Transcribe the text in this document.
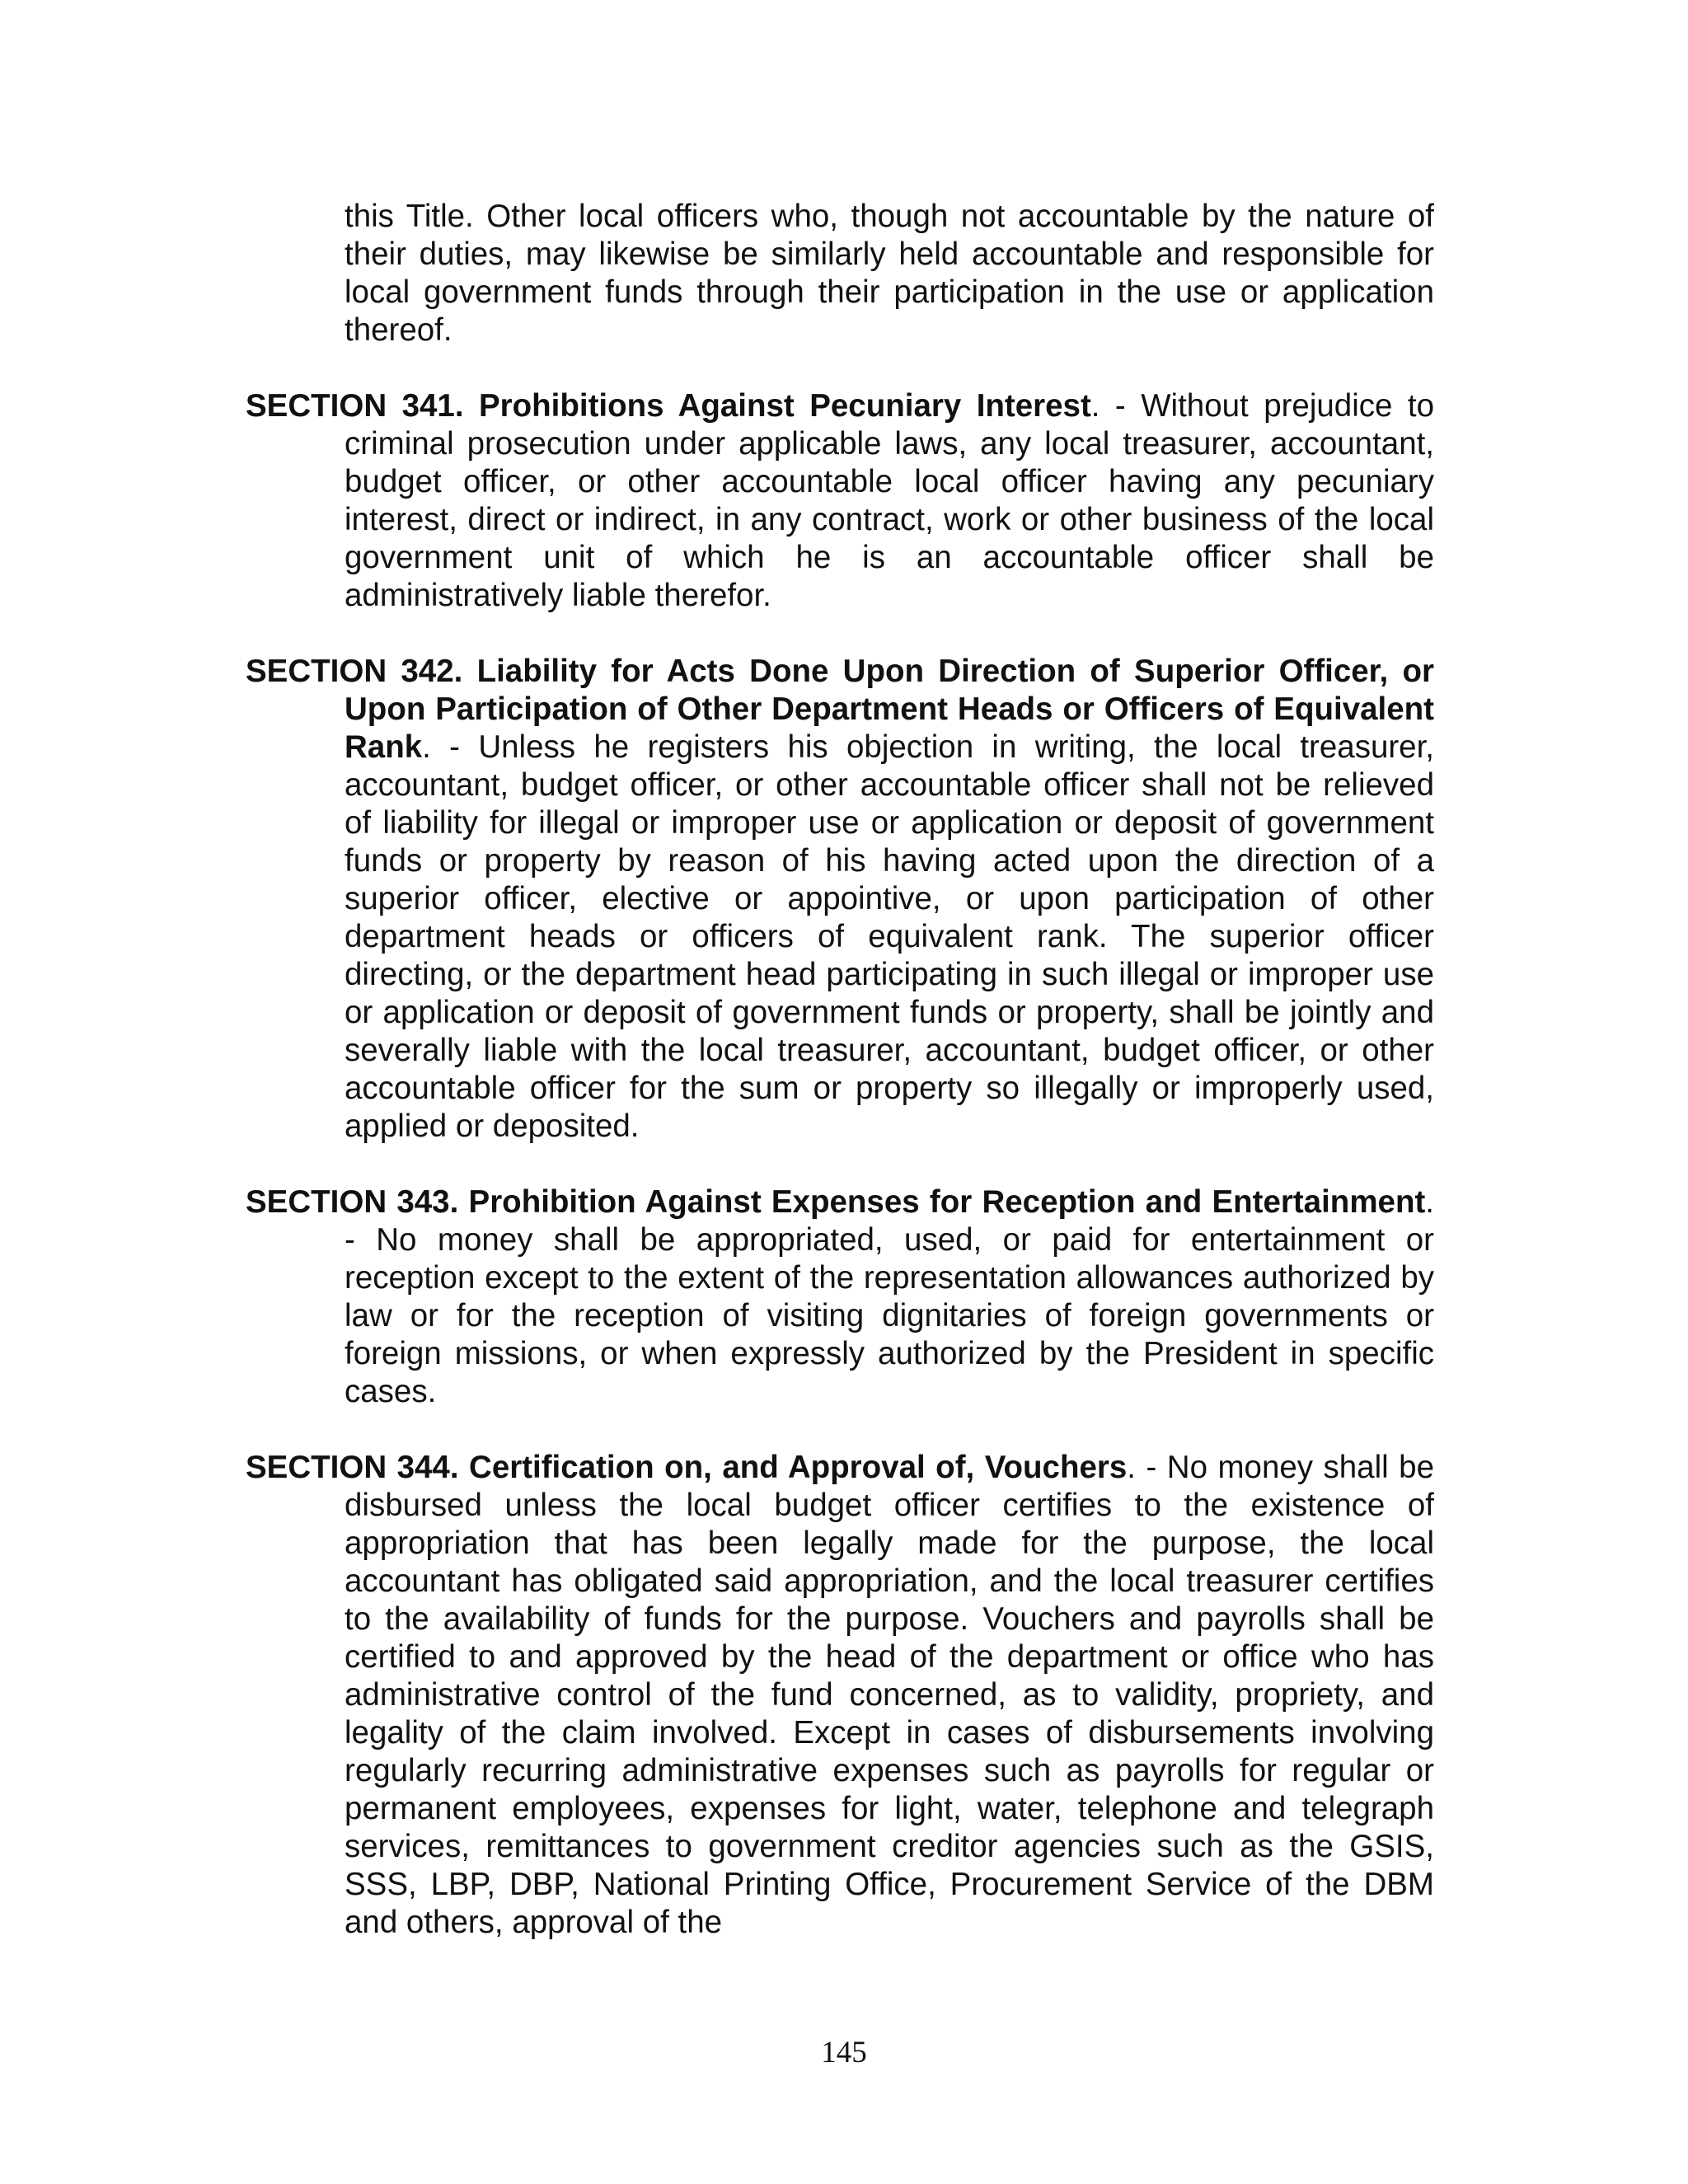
this Title. Other local officers who, though not accountable by the nature of their duties, may likewise be similarly held accountable and responsible for local government funds through their participation in the use or application thereof.

SECTION 341. Prohibitions Against Pecuniary Interest. - Without prejudice to criminal prosecution under applicable laws, any local treasurer, accountant, budget officer, or other accountable local officer having any pecuniary interest, direct or indirect, in any contract, work or other business of the local government unit of which he is an accountable officer shall be administratively liable therefor.

SECTION 342. Liability for Acts Done Upon Direction of Superior Officer, or Upon Participation of Other Department Heads or Officers of Equivalent Rank. - Unless he registers his objection in writing, the local treasurer, accountant, budget officer, or other accountable officer shall not be relieved of liability for illegal or improper use or application or deposit of government funds or property by reason of his having acted upon the direction of a superior officer, elective or appointive, or upon participation of other department heads or officers of equivalent rank. The superior officer directing, or the department head participating in such illegal or improper use or application or deposit of government funds or property, shall be jointly and severally liable with the local treasurer, accountant, budget officer, or other accountable officer for the sum or property so illegally or improperly used, applied or deposited.

SECTION 343. Prohibition Against Expenses for Reception and Entertainment. - No money shall be appropriated, used, or paid for entertainment or reception except to the extent of the representation allowances authorized by law or for the reception of visiting dignitaries of foreign governments or foreign missions, or when expressly authorized by the President in specific cases.

SECTION 344. Certification on, and Approval of, Vouchers. - No money shall be disbursed unless the local budget officer certifies to the existence of appropriation that has been legally made for the purpose, the local accountant has obligated said appropriation, and the local treasurer certifies to the availability of funds for the purpose. Vouchers and payrolls shall be certified to and approved by the head of the department or office who has administrative control of the fund concerned, as to validity, propriety, and legality of the claim involved. Except in cases of disbursements involving regularly recurring administrative expenses such as payrolls for regular or permanent employees, expenses for light, water, telephone and telegraph services, remittances to government creditor agencies such as the GSIS, SSS, LBP, DBP, National Printing Office, Procurement Service of the DBM and others, approval of the

145
